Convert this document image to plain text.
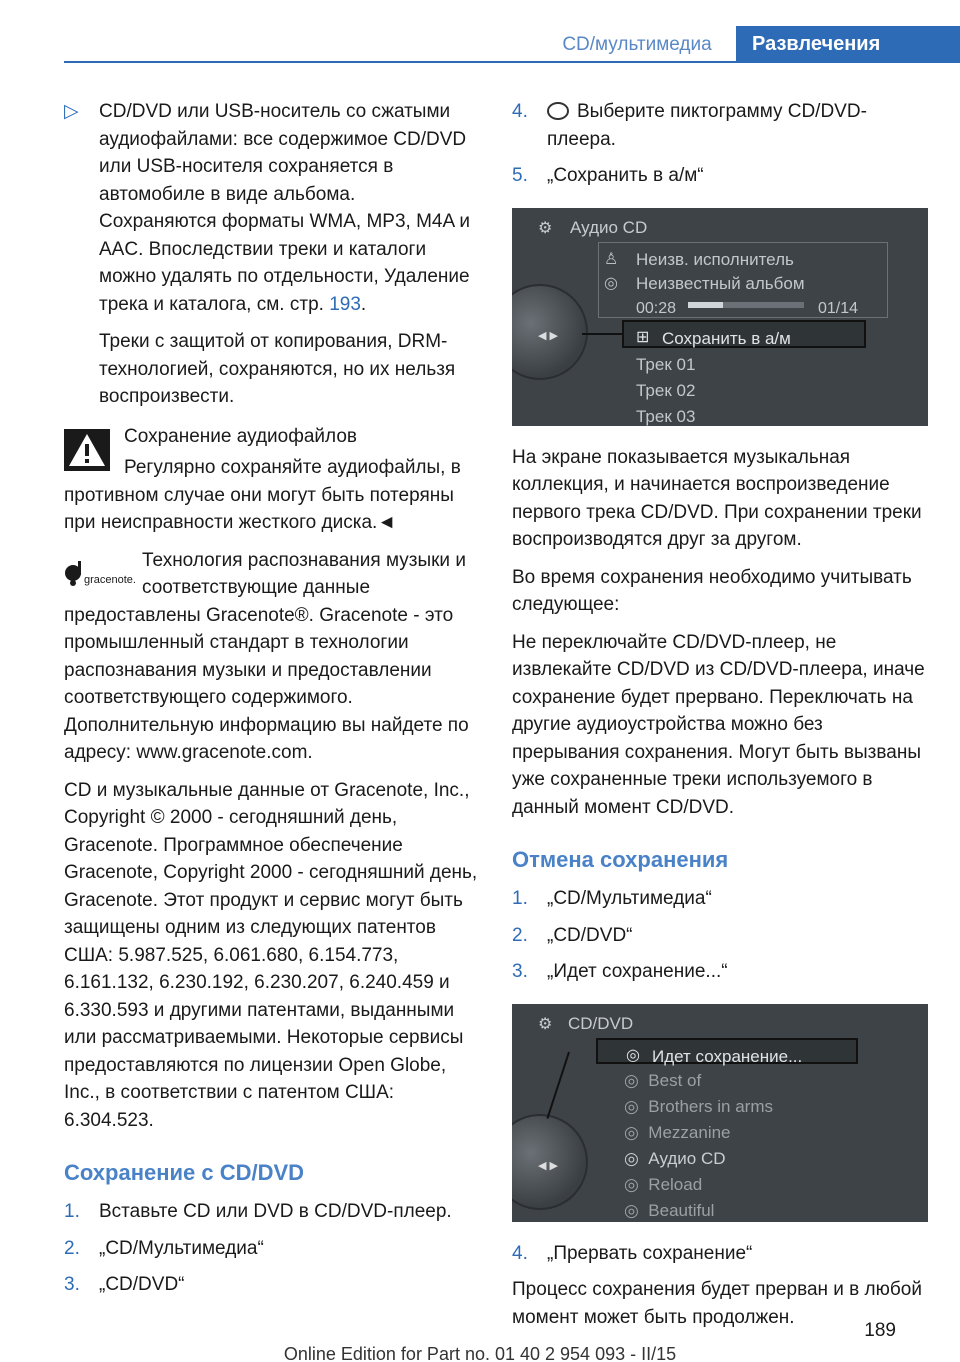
CD/мультимедиа	Развлечения

▷ CD/DVD или USB-носитель со сжатыми аудиофайлами: все содержимое CD/DVD или USB-носителя сохраняется в автомобиле в виде альбома. Сохраняются форматы WMA, MP3, M4A и AAC. Впоследствии треки и каталоги можно удалять по отдельности, Удаление трека и каталога, см. стр. 193.

Треки с защитой от копирования, DRM-технологией, сохраняются, но их нельзя воспроизвести.

Сохранение аудиофайлов

Регулярно сохраняйте аудиофайлы, в противном случае они могут быть потеряны при неисправности жесткого диска.◄

gracenote.

Технология распознавания музыки и соответствующие данные предоставлены Gracenote®. Gracenote - это промышленный стандарт в технологии распознавания музыки и предоставлении соответствующего содержимого. Дополнительную информацию вы найдете по адресу: www.gracenote.com.

CD и музыкальные данные от Gracenote, Inc., Copyright © 2000 - сегодняшний день, Gracenote. Программное обеспечение Gracenote, Copyright 2000 - сегодняшний день, Gracenote. Этот продукт и сервис могут быть защищены одним из следующих патентов США: 5.987.525, 6.061.680, 6.154.773, 6.161.132, 6.230.192, 6.230.207, 6.240.459 и 6.330.593 и другими патентами, выданными или рассматриваемыми. Некоторые сервисы предоставляются по лицензии Open Globe, Inc., в соответствии с патентом США: 6.304.523.

Сохранение с CD/DVD
1. Вставьте CD или DVD в CD/DVD-плеер.
2. „CD/Мультимедиа“
3. „CD/DVD“
4.	Выберите пиктограмму CD/DVD-плеера.
5. „Сохранить в а/м“
⚙ Аудио CD
♙
◎
Неизв. исполнитель
Неизвестный альбом
00:28	01/14
◀ ▶	⊞ Сохранить в а/м
Трек 01
Трек 02
Трек 03

На экране показывается музыкальная коллекция, и начинается воспроизведение первого трека CD/DVD. При сохранении треки воспроизводятся друг за другом.

Во время сохранения необходимо учитывать следующее:

Не переключайте CD/DVD-плеер, не извлекайте CD/DVD из CD/DVD-плеера, иначе сохранение будет прервано. Переключать на другие аудиоустройства можно без прерывания сохранения. Могут быть вызваны уже сохраненные треки используемого в данный момент CD/DVD.

Отмена сохранения
1. „CD/Мультимедиа“
2. „CD/DVD“
3. „Идет сохранение...“
⚙ CD/DVD
◎ Идет сохранение...
◀ ▶
◎ Best of
◎ Brothers in arms
◎ Mezzanine
◎ Аудио CD
◎ Reload
◎ Beautiful
4. „Прервать сохранение“

Процесс сохранения будет прерван и в любой момент может быть продолжен.

189
Online Edition for Part no. 01 40 2 954 093 - II/15
